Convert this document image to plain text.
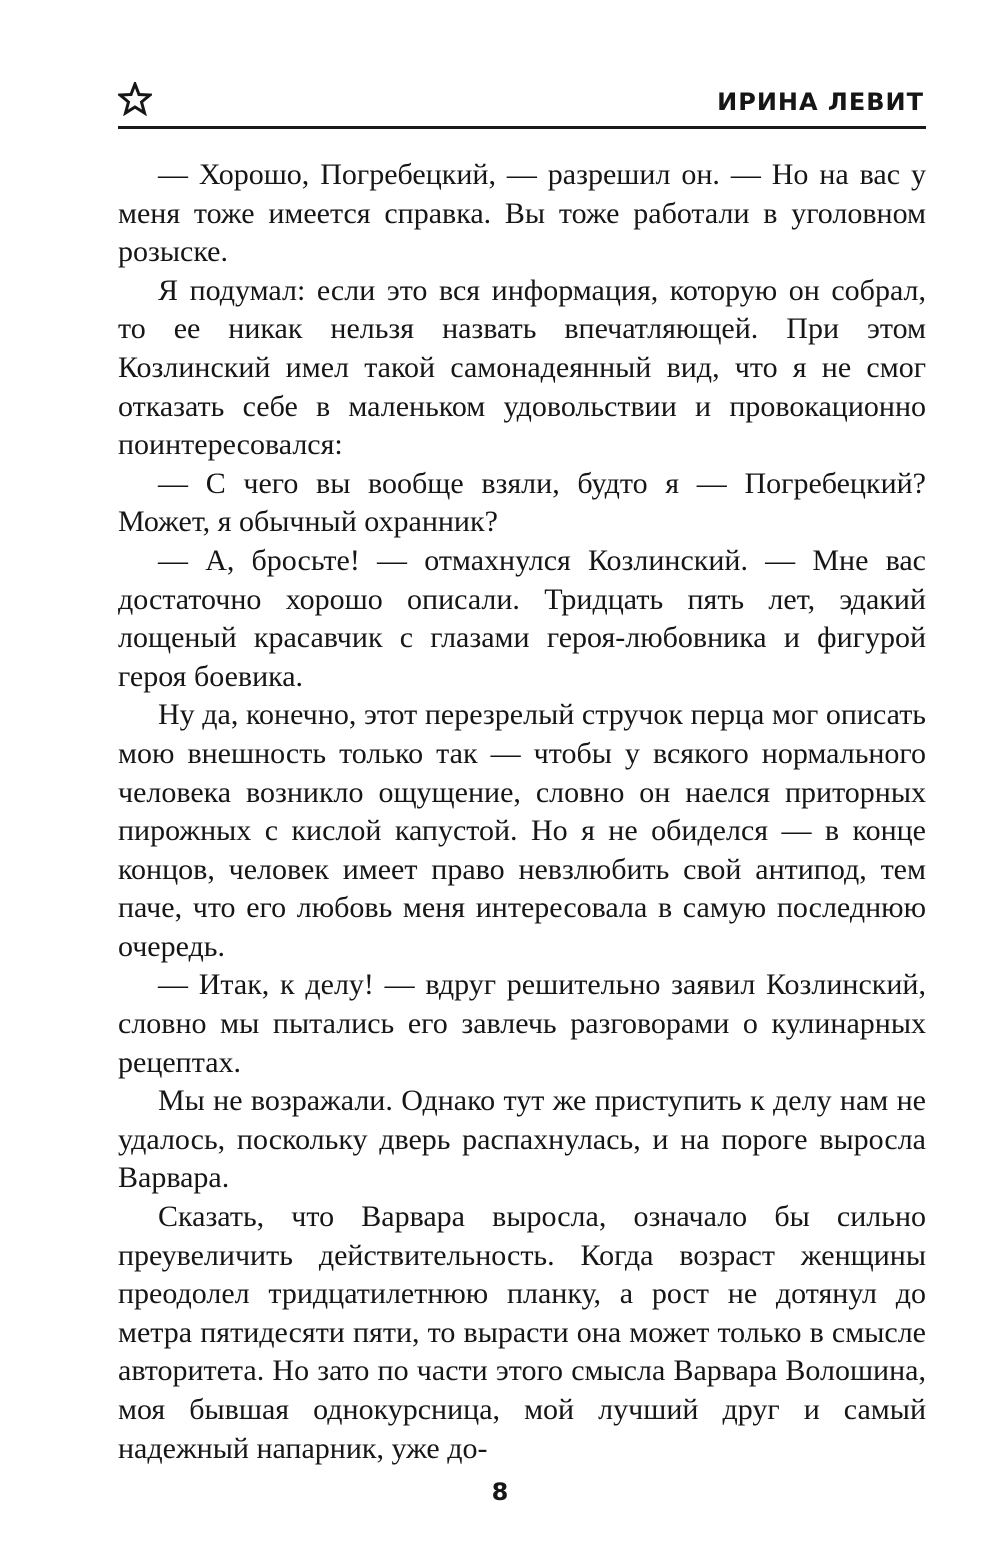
ИРИНА ЛЕВИТ

— Хорошо, Погребецкий, — разрешил он. — Но на вас у меня тоже имеется справка. Вы тоже работали в уголовном розыске.

Я подумал: если это вся информация, которую он собрал, то ее никак нельзя назвать впечатляющей. При этом Козлинский имел такой самонадеянный вид, что я не смог отказать себе в маленьком удовольствии и провокационно поинтересовался:

— С чего вы вообще взяли, будто я — Погребецкий? Может, я обычный охранник?

— А, бросьте! — отмахнулся Козлинский. — Мне вас достаточно хорошо описали. Тридцать пять лет, эдакий лощеный красавчик с глазами героя-любовника и фигурой героя боевика.

Ну да, конечно, этот перезрелый стручок перца мог описать мою внешность только так — чтобы у всякого нормального человека возникло ощущение, словно он наелся приторных пирожных с кислой капустой. Но я не обиделся — в конце концов, человек имеет право невзлюбить свой антипод, тем паче, что его любовь меня интересовала в самую последнюю очередь.

— Итак, к делу! — вдруг решительно заявил Козлинский, словно мы пытались его завлечь разговорами о кулинарных рецептах.

Мы не возражали. Однако тут же приступить к делу нам не удалось, поскольку дверь распахнулась, и на пороге выросла Варвара.

Сказать, что Варвара выросла, означало бы сильно преувеличить действительность. Когда возраст женщины преодолел тридцатилетнюю планку, а рост не дотянул до метра пятидесяти пяти, то вырасти она может только в смысле авторитета. Но зато по части этого смысла Варвара Волошина, моя бывшая однокурсница, мой лучший друг и самый надежный напарник, уже до-

8
